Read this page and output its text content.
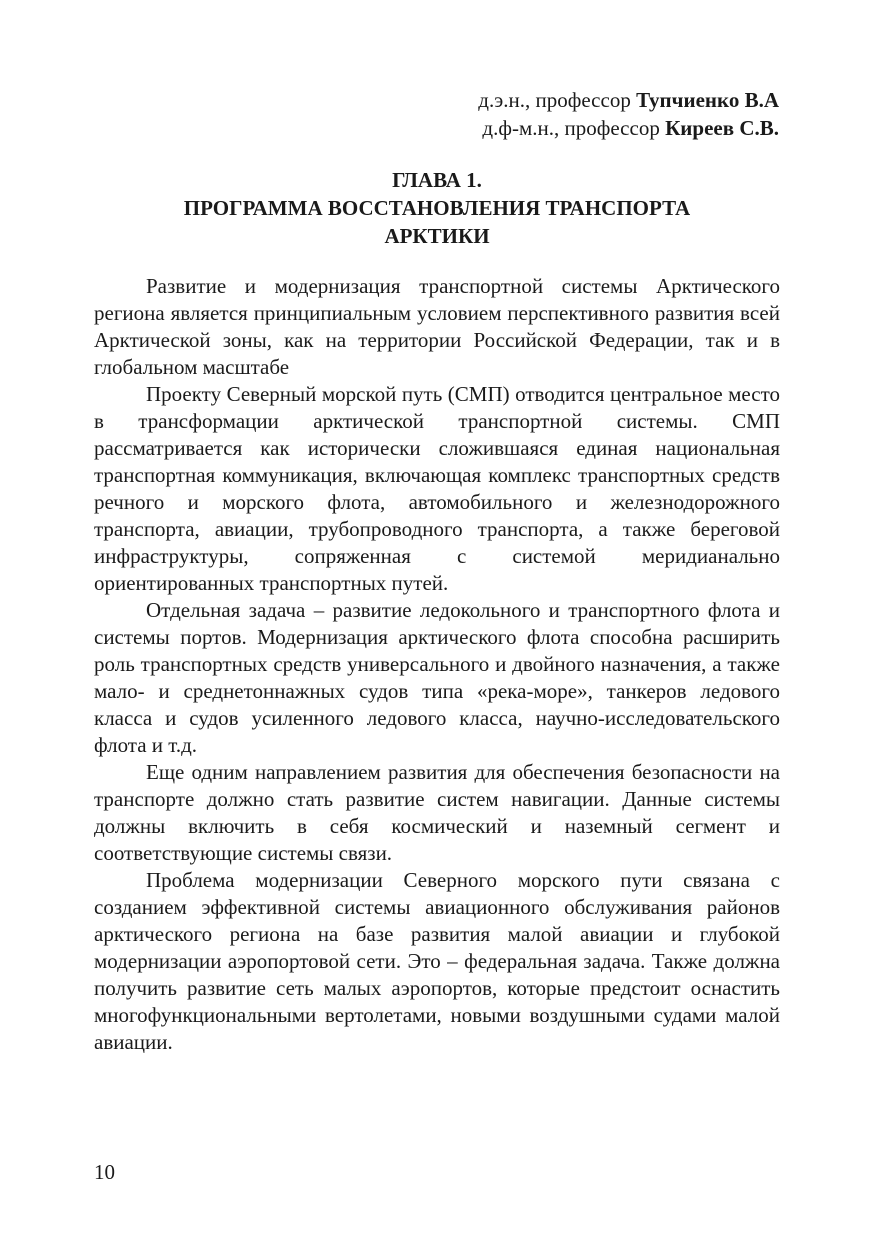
д.э.н., профессор Тупчиенко В.А
д.ф-м.н., профессор Киреев С.В.
ГЛАВА 1.
ПРОГРАММА ВОССТАНОВЛЕНИЯ ТРАНСПОРТА
АРКТИКИ

Развитие и модернизация транспортной системы Арктического региона является принципиальным условием перспективного развития всей Арктической зоны, как на территории Российской Федерации, так и в глобальном масштабе

Проекту Северный морской путь (СМП) отводится центральное место в трансформации арктической транспортной системы. СМП рассматривается как исторически сложившаяся единая национальная транспортная коммуникация, включающая комплекс транспортных средств речного и морского флота, автомобильного и железнодорожного транспорта, авиации, трубопроводного транспорта, а также береговой инфраструктуры, сопряженная с системой меридианально ориентированных транспортных путей.

Отдельная задача – развитие ледокольного и транспортного флота и системы портов. Модернизация арктического флота способна расширить роль транспортных средств универсального и двойного назначения, а также мало- и среднетоннажных судов типа «река-море», танкеров ледового класса и судов усиленного ледового класса, научно-исследовательского флота и т.д.

Еще одним направлением развития для обеспечения безопасности на транспорте должно стать развитие систем навигации. Данные системы должны включить в себя космический и наземный сегмент и соответствующие системы связи.

Проблема модернизации Северного морского пути связана с созданием эффективной системы авиационного обслуживания районов арктического региона на базе развития малой авиации и глубокой модернизации аэропортовой сети. Это – федеральная задача. Также должна получить развитие сеть малых аэропортов, которые предстоит оснастить многофункциональными вертолетами, новыми воздушными судами малой авиации.

10
